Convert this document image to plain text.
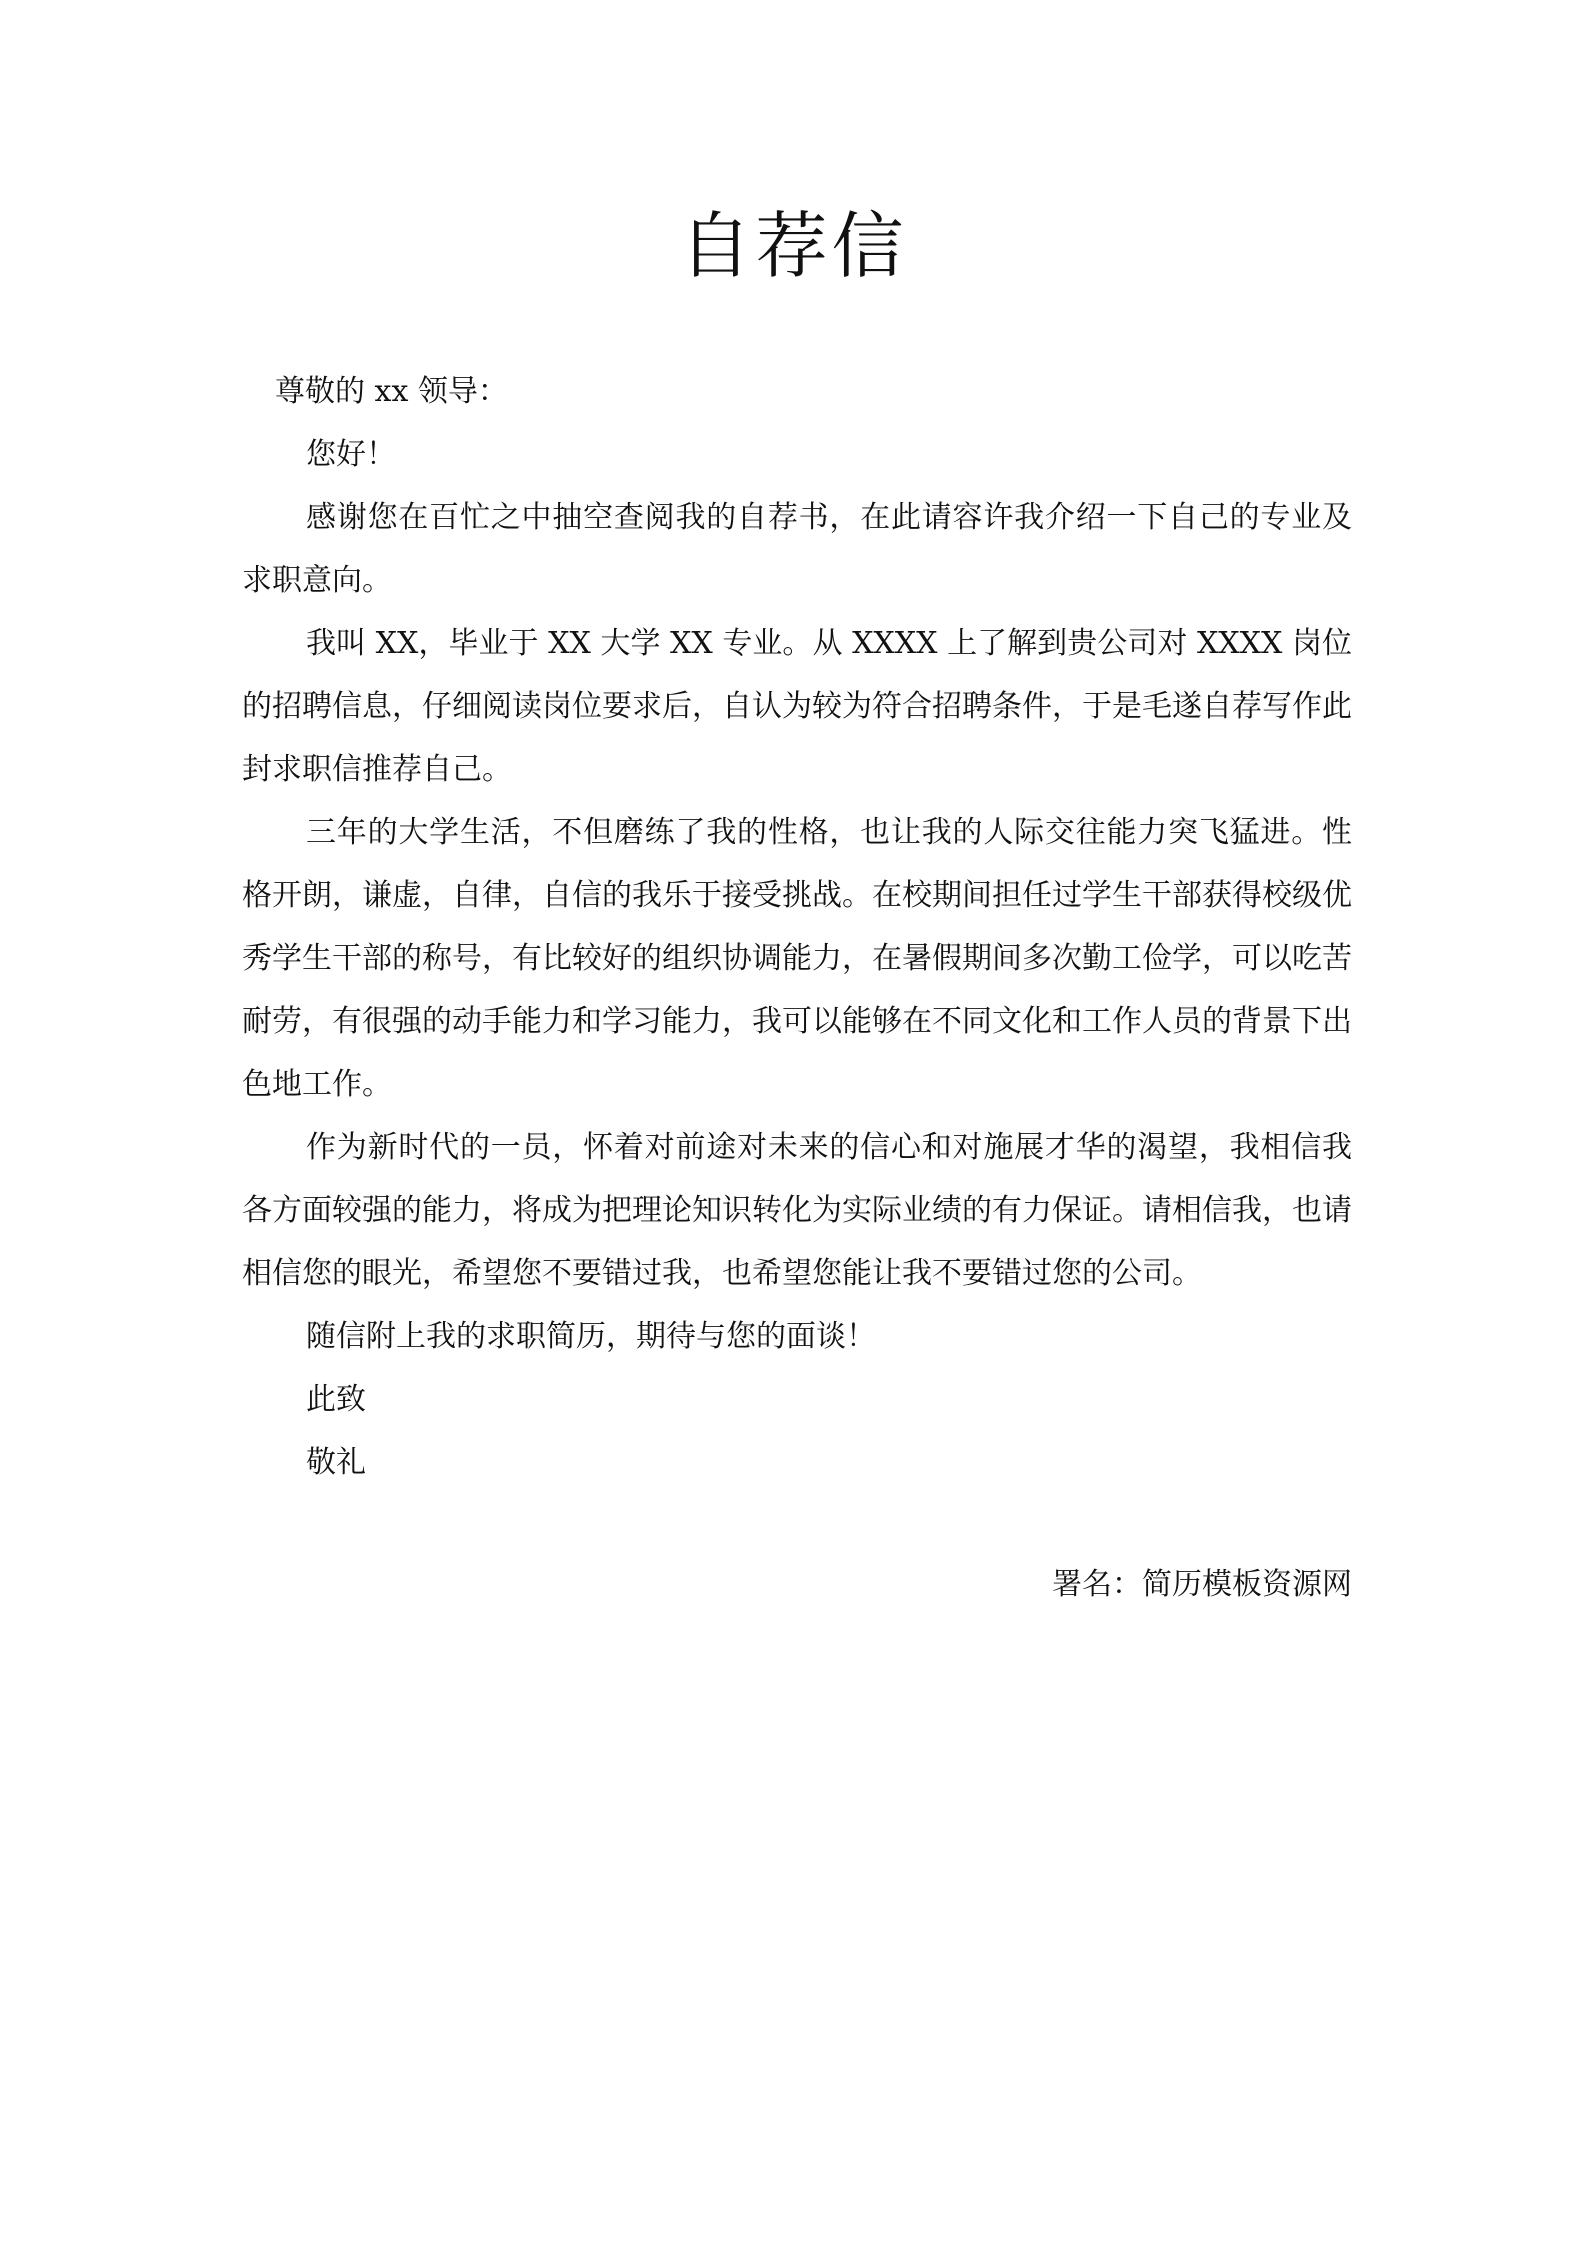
自荐信

尊敬的 xx 领导：

您好！

感谢您在百忙之中抽空查阅我的自荐书，在此请容许我介绍一下自己的专业及求职意向。

我叫 XX，毕业于 XX 大学 XX 专业。从 XXXX 上了解到贵公司对 XXXX 岗位的招聘信息，仔细阅读岗位要求后，自认为较为符合招聘条件，于是毛遂自荐写作此封求职信推荐自己。

三年的大学生活，不但磨练了我的性格，也让我的人际交往能力突飞猛进。性格开朗，谦虚，自律，自信的我乐于接受挑战。在校期间担任过学生干部获得校级优秀学生干部的称号，有比较好的组织协调能力，在暑假期间多次勤工俭学，可以吃苦耐劳，有很强的动手能力和学习能力，我可以能够在不同文化和工作人员的背景下出色地工作。

作为新时代的一员，怀着对前途对未来的信心和对施展才华的渴望，我相信我各方面较强的能力，将成为把理论知识转化为实际业绩的有力保证。请相信我，也请相信您的眼光，希望您不要错过我，也希望您能让我不要错过您的公司。

随信附上我的求职简历，期待与您的面谈！

此致

敬礼

署名：简历模板资源网
